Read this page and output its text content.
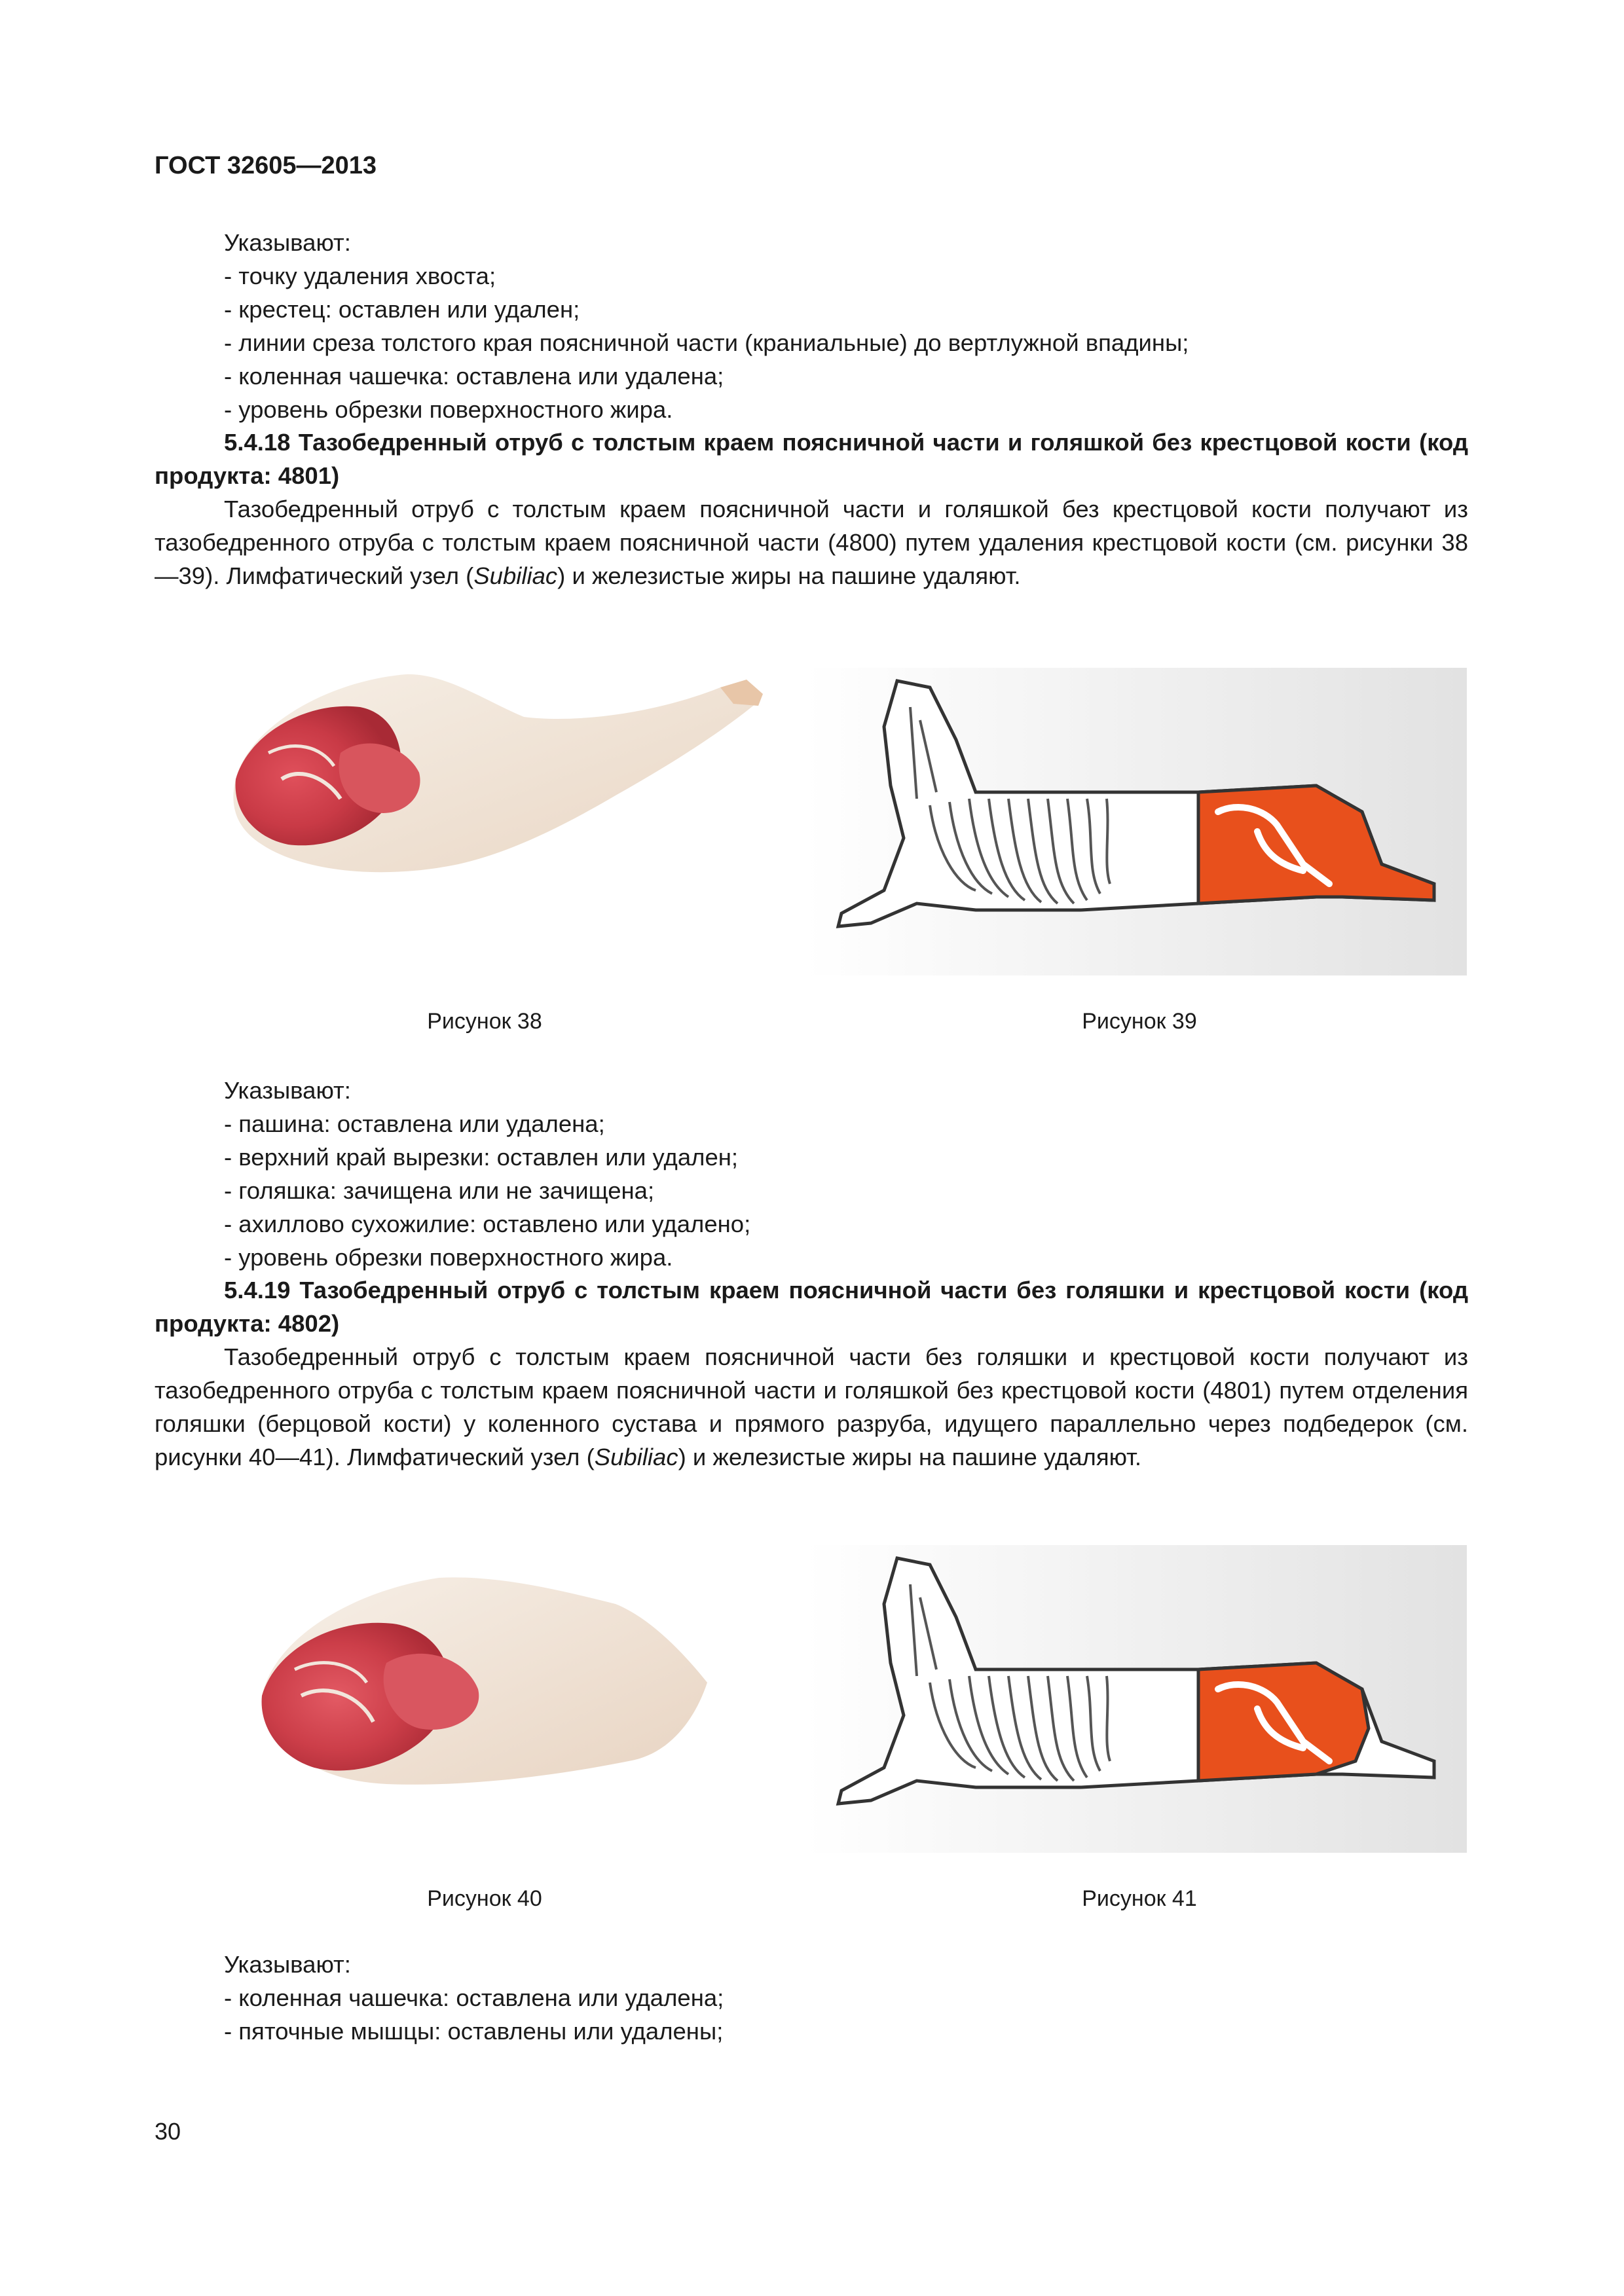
ГОСТ 32605—2013
Указывают:
- точку удаления хвоста;
- крестец: оставлен или удален;
- линии среза толстого края поясничной части (краниальные) до вертлужной впадины;
- коленная чашечка: оставлена или удалена;
- уровень обрезки поверхностного жира.
5.4.18 Тазобедренный отруб с толстым краем поясничной части и голяшкой без крестцовой кости (код продукта: 4801)
Тазобедренный отруб с толстым краем поясничной части и голяшкой без крестцовой кости получают из тазобедренного отруба с толстым краем поясничной части (4800) путем удаления крестцовой кости (см. рисунки 38—39). Лимфатический узел (Subiliac) и железистые жиры на пашине удаляют.
Рисунок 38	Рисунок 39
Указывают:
- пашина: оставлена или удалена;
- верхний край вырезки: оставлен или удален;
- голяшка: зачищена или не зачищена;
- ахиллово сухожилие: оставлено или удалено;
- уровень обрезки поверхностного жира.
5.4.19 Тазобедренный отруб с толстым краем поясничной части без голяшки и крестцовой кости (код продукта: 4802)
Тазобедренный отруб с толстым краем поясничной части без голяшки и крестцовой кости получают из тазобедренного отруба с толстым краем поясничной части и голяшкой без крестцовой кости (4801) путем отделения голяшки (берцовой кости) у коленного сустава и прямого разруба, идущего параллельно через подбедерок (см. рисунки 40—41). Лимфатический узел (Subiliac) и железистые жиры на пашине удаляют.
Рисунок 40	Рисунок 41
Указывают:
- коленная чашечка: оставлена или удалена;
- пяточные мышцы: оставлены или удалены;
30
